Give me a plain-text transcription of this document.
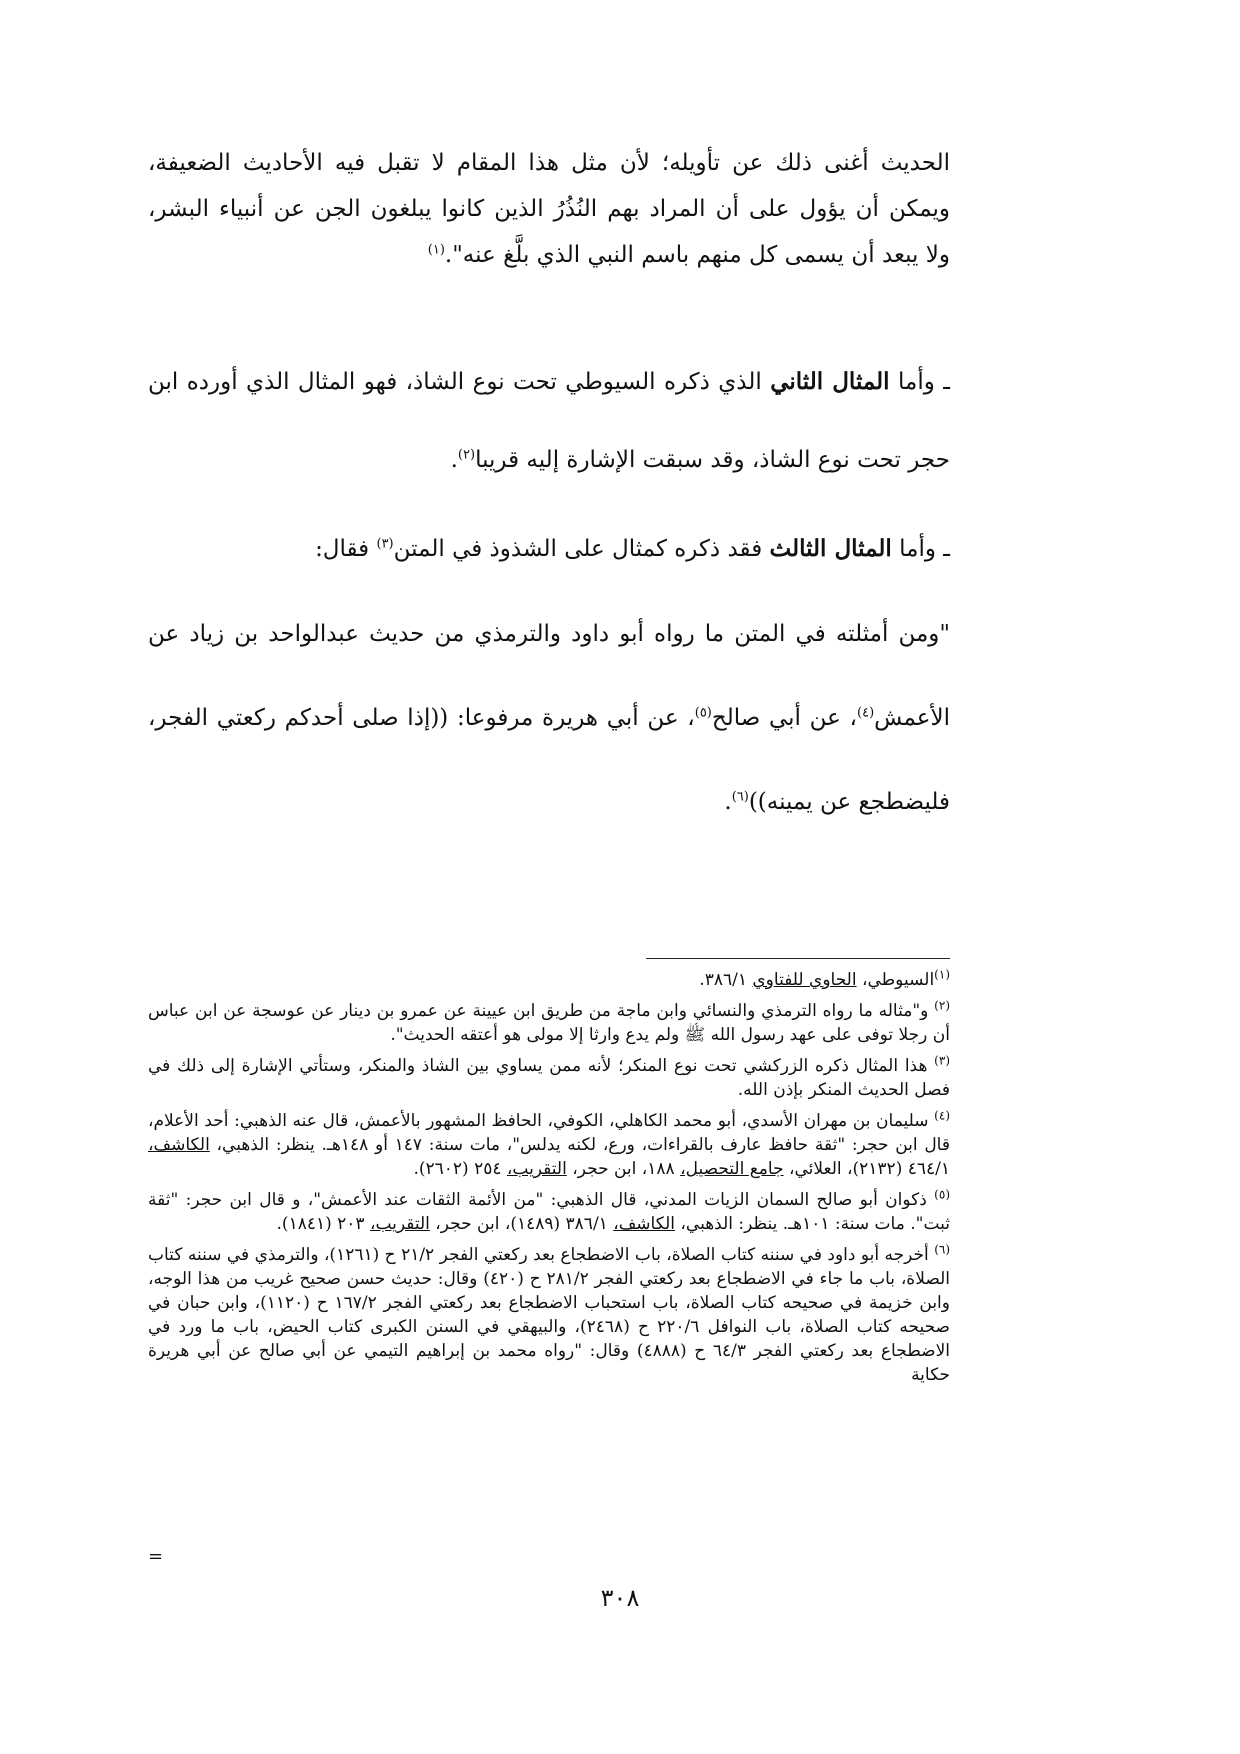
الحديث أغنى ذلك عن تأويله؛ لأن مثل هذا المقام لا تقبل فيه الأحاديث الضعيفة،
ويمكن أن يؤول على أن المراد بهم النُذُرُ الذين كانوا يبلغون الجن عن أنبياء البشر،
ولا يبعد أن يسمى كل منهم باسم النبي الذي بلَّغ عنه".$^{(١)}$
ـ وأما المثال الثاني الذي ذكره السيوطي تحت نوع الشاذ، فهو المثال الذي أورده ابن
حجر تحت نوع الشاذ، وقد سبقت الإشارة إليه قريبا$^{(٢)}$.
ـ وأما المثال الثالث فقد ذكره كمثال على الشذوذ في المتن$^{(٣)}$ فقال:
"ومن أمثلته في المتن ما رواه أبو داود والترمذي من حديث عبدالواحد بن زياد عن
الأعمش$^{(٤)}$، عن أبي صالح$^{(٥)}$، عن أبي هريرة مرفوعا: ((إذا صلى أحدكم ركعتي الفجر،
فليضطجع عن يمينه))$^{(٦)}$.

$^{(١)}$السيوطي، الحاوي للفتاوي ٣٨٦/١.

$^{(٢)}$ و"مثاله ما رواه الترمذي والنسائي وابن ماجة من طريق ابن عيينة عن عمرو بن دينار عن عوسجة عن ابن عباس أن رجلا توفى على عهد رسول الله ﷺ ولم يدع وارثا إلا مولى هو أعتقه الحديث".

$^{(٣)}$ هذا المثال ذكره الزركشي تحت نوع المنكر؛ لأنه ممن يساوي بين الشاذ والمنكر، وستأتي الإشارة إلى ذلك في فصل الحديث المنكر بإذن الله.

$^{(٤)}$ سليمان بن مهران الأسدي، أبو محمد الكاهلي، الكوفي، الحافظ المشهور بالأعمش، قال عنه الذهبي: أحد الأعلام، قال ابن حجر: "ثقة حافظ عارف بالقراءات، ورع، لكنه يدلس"، مات سنة: ١٤٧ أو ١٤٨هـ. ينظر: الذهبي، الكاشف، ٤٦٤/١ (٢١٣٢)، العلائي، جامع التحصيل، ١٨٨، ابن حجر، التقريب، ٢٥٤ (٢٦٠٢).

$^{(٥)}$ ذكوان أبو صالح السمان الزيات المدني، قال الذهبي: "من الأئمة الثقات عند الأعمش"، و قال ابن حجر: "ثقة ثبت". مات سنة: ١٠١هـ. ينظر: الذهبي، الكاشف، ٣٨٦/١ (١٤٨٩)، ابن حجر، التقريب، ٢٠٣ (١٨٤١).

$^{(٦)}$ أخرجه أبو داود في سننه كتاب الصلاة، باب الاضطجاع بعد ركعتي الفجر ٢١/٢ ح (١٢٦١)، والترمذي في سننه كتاب الصلاة، باب ما جاء في الاضطجاع بعد ركعتي الفجر ٢٨١/٢ ح (٤٢٠) وقال: حديث حسن صحيح غريب من هذا الوجه، وابن خزيمة في صحيحه كتاب الصلاة، باب استحباب الاضطجاع بعد ركعتي الفجر ١٦٧/٢ ح (١١٢٠)، وابن حبان في صحيحه كتاب الصلاة، باب النوافل ٢٢٠/٦ ح (٢٤٦٨)، والبيهقي في السنن الكبرى كتاب الحيض، باب ما ورد في الاضطجاع بعد ركعتي الفجر ٦٤/٣ ح (٤٨٨٨) وقال: "رواه محمد بن إبراهيم التيمي عن أبي صالح عن أبي هريرة حكاية

=
٣٠٨
